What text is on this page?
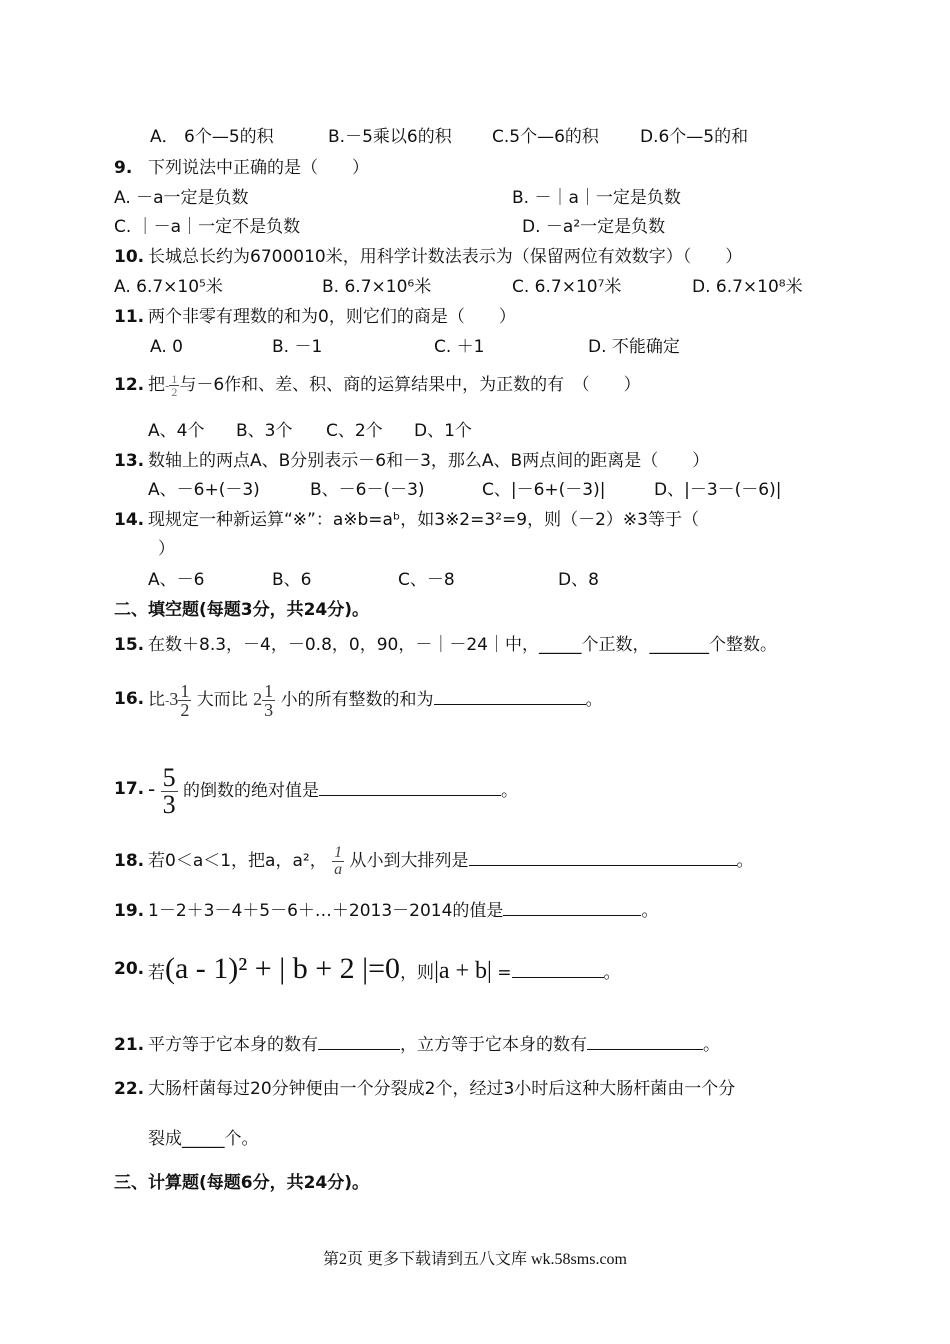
A． 6个—5的积	B.－5乘以6的积 C.5个—6的积 D.6个—5的和
9. 下列说法中正确的是（　　）
A. －a一定是负数	B. －｜a｜一定是负数
C. ｜－a｜一定不是负数	D. －a²一定是负数
10. 长城总长约为6700010米，用科学计数法表示为（保留两位有效数字）（　　）
A. 6.7×10⁵米	B. 6.7×10⁶米	C. 6.7×10⁷米	D. 6.7×10⁸米
11. 两个非零有理数的和为0，则它们的商是（　　）
A. 0	B. －1	C. ＋1	D. 不能确定
12. 把- $\frac{1}{2}$ 与－6作和、差、积、商的运算结果中，为正数的有　（　　）
A、4个 B、3个 C、2个 D、1个
13. 数轴上的两点A、B分别表示－6和－3，那么A、B两点间的距离是（　　）
A、－6+(－3)	B、－6－(－3)	C、|－6+(－3)|	D、|－3－(－6)|
14. 现规定一种新运算“※”：a※b=aᵇ，如3※2=3²=9，则（－2）※3等于（
）
A、－6	B、6	C、－8	D、8
二、填空题(每题3分，共24分)。
15. 在数＋8.3，－4，－0.8，0，90，－｜－24｜中，_____个正数，_______个整数。
16. 比$-3 \frac{1}{2}$ 大而比 $2 \frac{1}{3}$ 小的所有整数的和为	。
17. - $\frac{5}{3}$ 的倒数的绝对值是	。
18. 若0＜a＜1，把a，a²， $\frac{1}{a}$ 从小到大排列是	。
19. 1－2＋3－4＋5－6＋…＋2013－2014的值是	。
20. 若(a - 1)² + | b + 2 |=0，则|a + b| =	。
21. 平方等于它本身的数有	，立方等于它本身的数有	。
22. 大肠杆菌每过20分钟便由一个分裂成2个，经过3小时后这种大肠杆菌由一个分
裂成_____个。
三、计算题(每题6分，共24分)。
第2页 更多下载请到五八文库 wk.58sms.com
